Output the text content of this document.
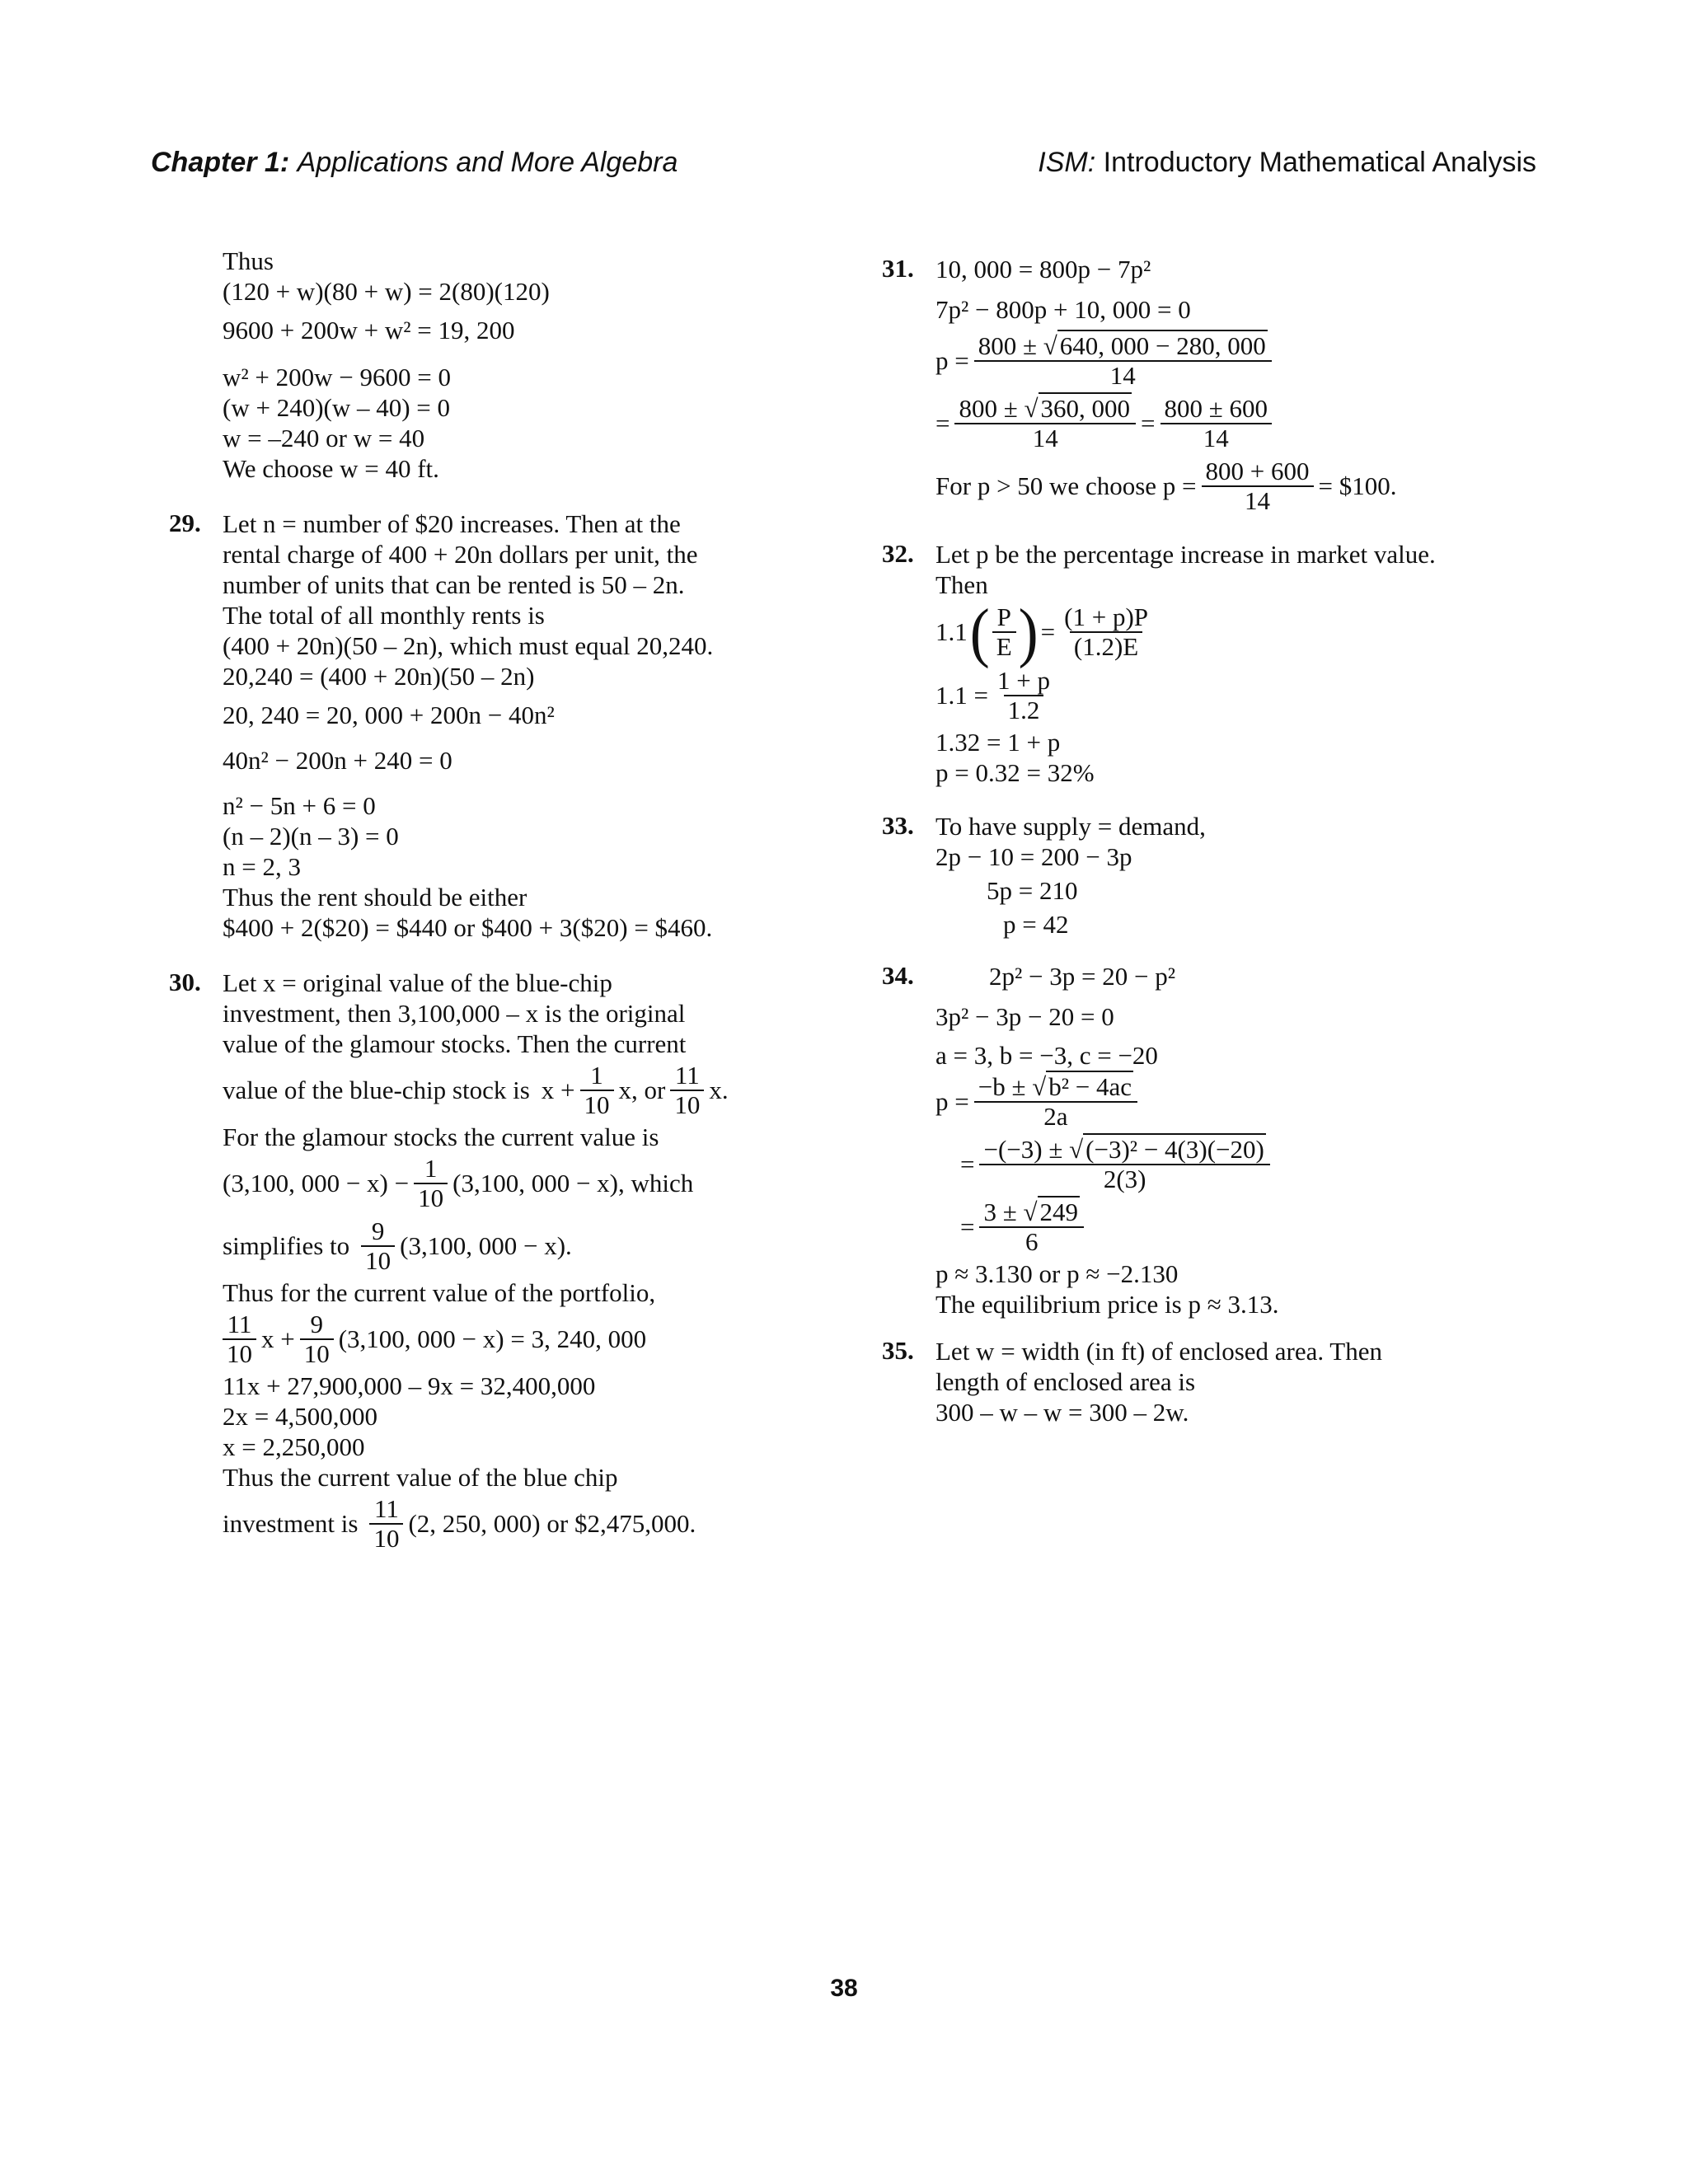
Chapter 1: Applications and More Algebra	ISM: Introductory Mathematical Analysis
Thus
(120 + w)(80 + w) = 2(80)(120)
9600 + 200w + w² = 19, 200
w² + 200w − 9600 = 0
(w + 240)(w – 40) = 0
w = –240 or w = 40
We choose w = 40 ft.
29. Let n = number of $20 increases. Then at the
rental charge of 400 + 20n dollars per unit, the
number of units that can be rented is 50 – 2n.
The total of all monthly rents is
(400 + 20n)(50 – 2n), which must equal 20,240.
20,240 = (400 + 20n)(50 – 2n)
20, 240 = 20, 000 + 200n − 40n²
40n² − 200n + 240 = 0
n² − 5n + 6 = 0
(n – 2)(n – 3) = 0
n = 2, 3
Thus the rent should be either
$400 + 2($20) = $440 or $400 + 3($20) = $460.
30. Let x = original value of the blue-chip
investment, then 3,100,000 – x is the original
value of the glamour stocks. Then the current
value of the blue-chip stock is $x + \frac{1}{10} x$, or $\frac{11}{10} x$.
For the glamour stocks the current value is
(3,100, $000 - x) - \frac{1}{10} (3,100$, 000 − x), which
simplifies to $\frac{9}{10} (3,100$, 000 − x).
Thus for the current value of the portfolio,
$\frac{11}{10}$ $x + \frac{9}{10} (3,100$, 000 − x) = 3, 240, 000
11x + 27,900,000 – 9x = 32,400,000
2x = 4,500,000
x = 2,250,000
Thus the current value of the blue chip
investment is $\frac{11}{10} (2$, 250, 000) or $2,475,000.
31. 10, 000 = 800p − 7p²
7p² − 800p + 10, 000 = 0
$p = \frac{800 \pm √640, 000 - 280, 000}{14}$
= $\frac{800 \pm √360, 000}{14} = \frac{800 \pm 600}{14}$
For p > 50 we choose $p = \frac{800 + 600}{14}$ = $100.
32. Let p be the percentage increase in market value.
Then
1.1 ( $\frac{P}{E}$ ) = $\frac{(1 + p)P}{(1.2)E}$
$1.1 = \frac{1 + p}{1.2}$
1.32 = 1 + p
p = 0.32 = 32%
33. To have supply = demand,
2p − 10 = 200 − 3p
5p = 210
p = 42
34.	2p² − 3p = 20 − p²
3p² − 3p − 20 = 0
a = 3, b = −3, c = −20
$p = \frac{\text{−b ± √b² − 4ac}}{2a}$
= $\frac{\text{−(−3) ± √(−3)² − 4(3)(−20)}}{2(3)}$
= $\frac{3 \pm √249}{6}$
p ≈ 3.130 or p ≈ −2.130
The equilibrium price is p ≈ 3.13.
35. Let w = width (in ft) of enclosed area. Then
length of enclosed area is
300 – w – w = 300 – 2w.
38
